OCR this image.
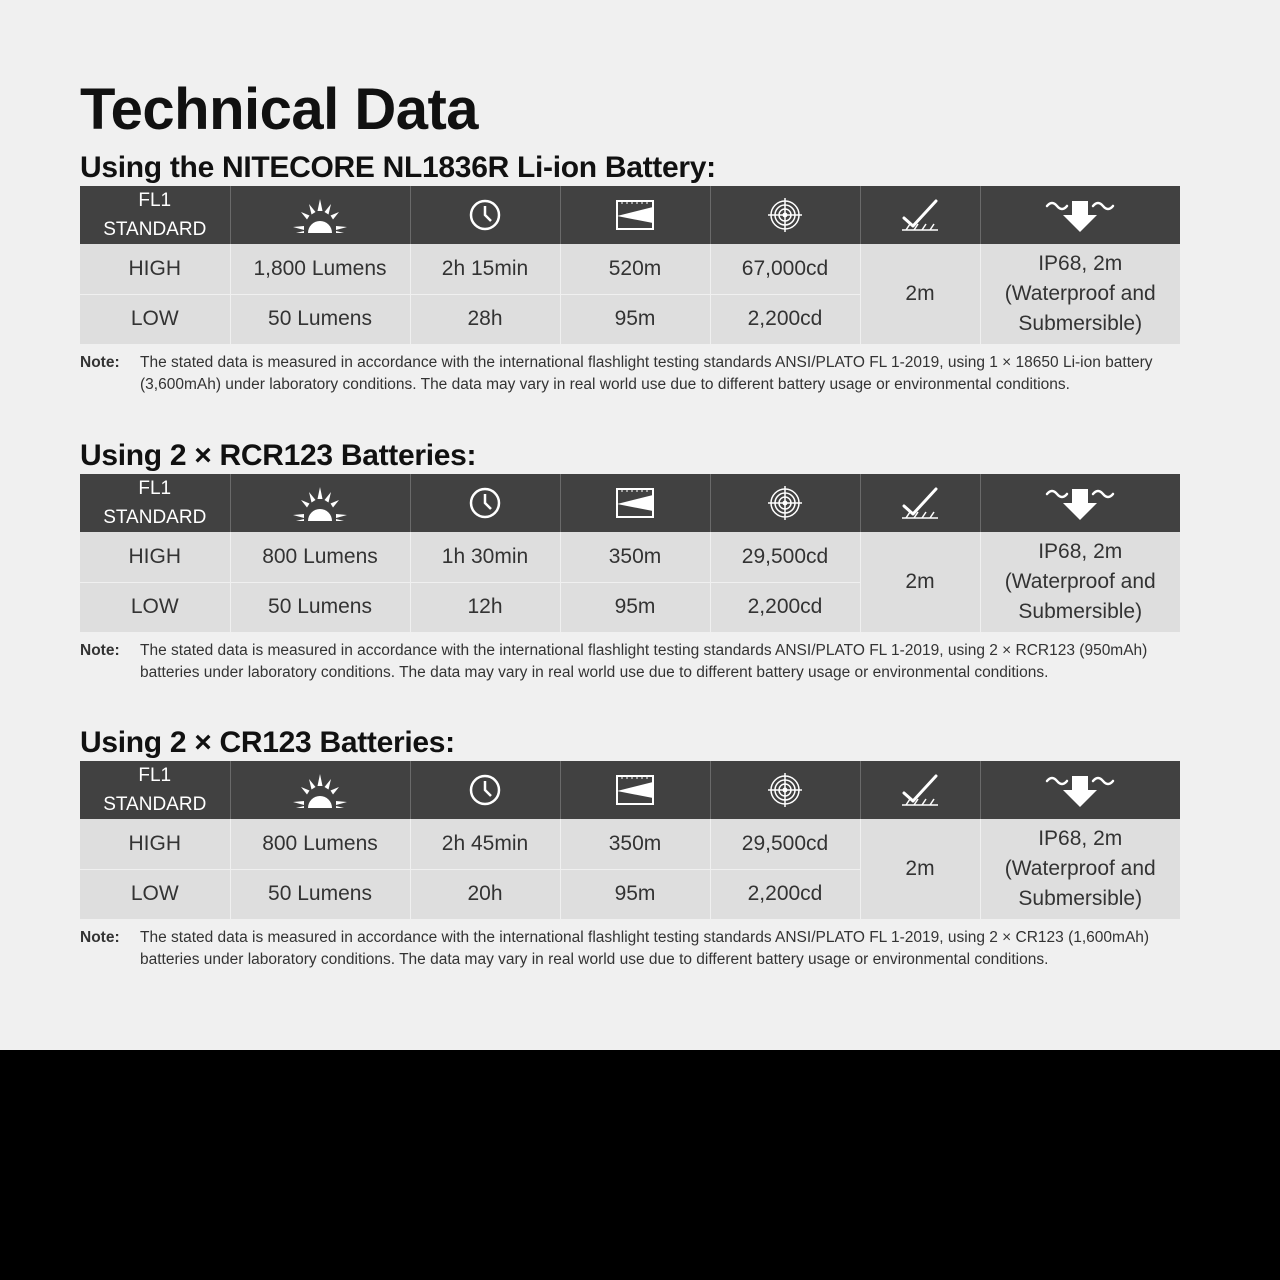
Technical Data
Using the NITECORE NL1836R Li-ion Battery:
FL1
STANDARD

HIGH	1,800 Lumens	2h 15min	520m	67,000cd	2m	IP68, 2m
(Waterproof and
Submersible)

LOW	50 Lumens	28h	95m	2,200cd		
Note:	The stated data is measured in accordance with the international flashlight testing standards ANSI/PLATO FL 1-2019, using 1 × 18650 Li-ion battery (3,600mAh) under laboratory conditions. The data may vary in real world use due to different battery usage or environmental conditions.
Using 2 × RCR123 Batteries:
FL1
STANDARD

HIGH	800 Lumens	1h 30min	350m	29,500cd	2m	IP68, 2m
(Waterproof and
Submersible)

LOW	50 Lumens	12h	95m	2,200cd		
Note:	The stated data is measured in accordance with the international flashlight testing standards ANSI/PLATO FL 1-2019, using 2 × RCR123 (950mAh) batteries under laboratory conditions. The data may vary in real world use due to different battery usage or environmental conditions.
Using 2 × CR123 Batteries:
FL1
STANDARD

HIGH	800 Lumens	2h 45min	350m	29,500cd	2m	IP68, 2m
(Waterproof and
Submersible)

LOW	50 Lumens	20h	95m	2,200cd		
Note:	The stated data is measured in accordance with the international flashlight testing standards ANSI/PLATO FL 1-2019, using 2 × CR123 (1,600mAh) batteries under laboratory conditions. The data may vary in real world use due to different battery usage or environmental conditions.
